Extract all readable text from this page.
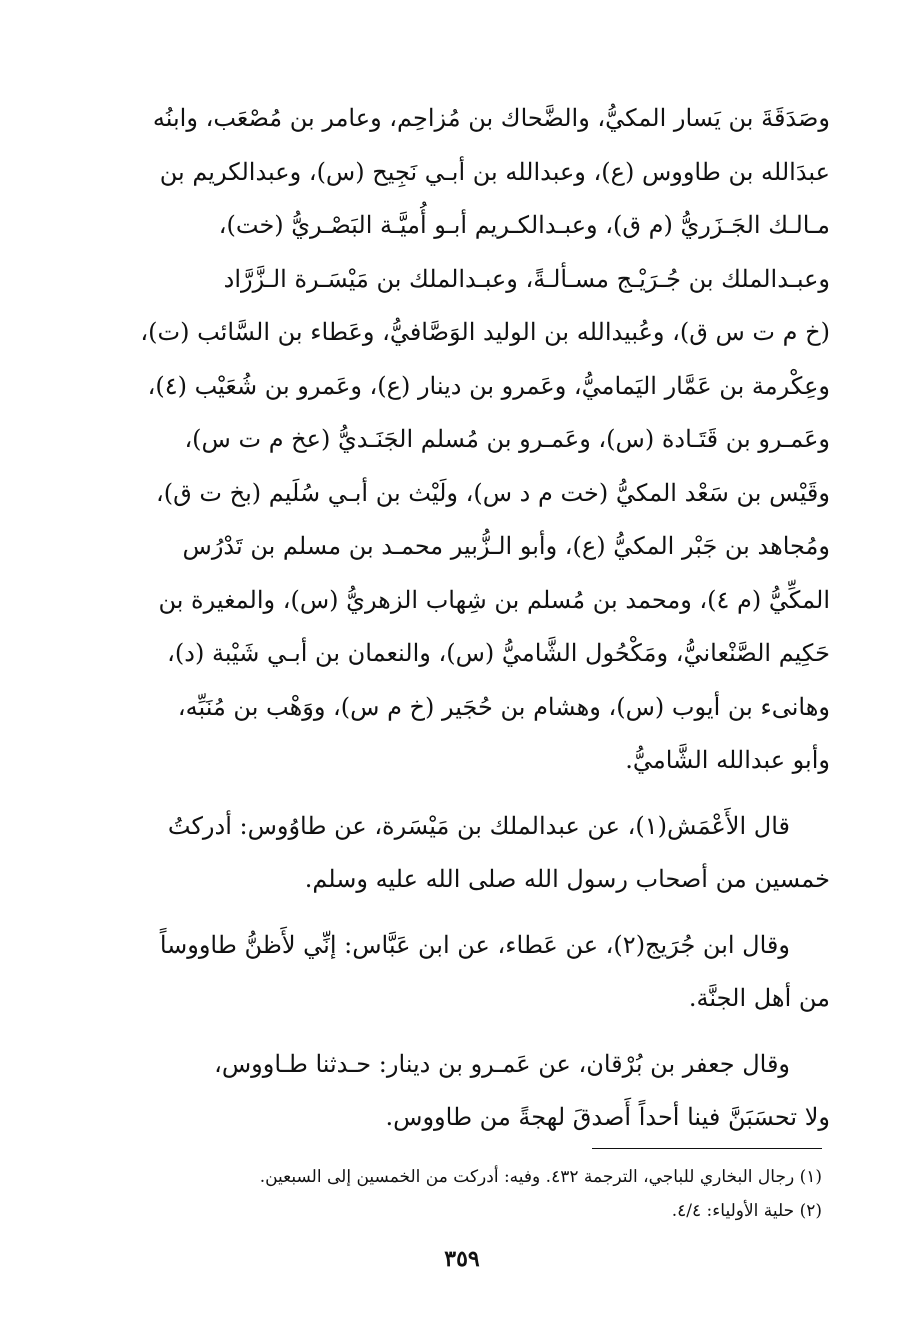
وصَدَقَةَ بن يَسار المكيُّ، والضَّحاك بن مُزاحِم، وعامر بن مُصْعَب، وابنُه
عبدَالله بن طاووس (ع)، وعبدالله بن أبـي نَجِيح (س)، وعبدالكريم بن
مـالـك الجَـزَريُّ (م ق)، وعبـدالكـريم أبـو أُميَّـة البَصْـريُّ (خت)،
وعبـدالملك بن جُـرَيْـج مسـألـةً، وعبـدالملك بن مَيْسَـرة الـزَّرَّاد
(خ م ت س ق)، وعُبيدالله بن الوليد الوَصَّافيُّ، وعَطاء بن السَّائب (ت)،
وعِكْرمة بن عَمَّار اليَماميُّ، وعَمرو بن دينار (ع)، وعَمرو بن شُعَيْب (٤)،
وعَمـرو بن قَتَـادة (س)، وعَمـرو بن مُسلم الجَنَـديُّ (عخ م ت س)،
وقَيْس بن سَعْد المكيُّ (خت م د س)، ولَيْث بن أبـي سُلَيم (بخ ت ق)،
ومُجاهد بن جَبْر المكيُّ (ع)، وأبو الـزُّبير محمـد بن مسلم بن تَدْرُس
المكِّيُّ (م ٤)، ومحمد بن مُسلم بن شِهاب الزهريُّ (س)، والمغيرة بن
حَكِيم الصَّنْعانيُّ، ومَكْحُول الشَّاميُّ (س)، والنعمان بن أبـي شَيْبة (د)،
وهانىء بن أيوب (س)، وهشام بن حُجَير (خ م س)، ووَهْب بن مُنَبِّه،
وأبو عبدالله الشَّاميُّ.
قال الأَعْمَش(١)، عن عبدالملك بن مَيْسَرة، عن طاوُوس: أدركتُ
خمسين من أصحاب رسول الله صلى الله عليه وسلم.
وقال ابن جُرَيج(٢)، عن عَطاء، عن ابن عَبَّاس: إنِّي لأَظنُّ طاووساً
من أهل الجنَّة.
وقال جعفر بن بُرْقان، عن عَمـرو بن دينار: حـدثنا طـاووس،
ولا تحسَبَنَّ فينا أحداً أَصدقَ لهجةً من طاووس.
(١) رجال البخاري للباجي، الترجمة ٤٣٢. وفيه: أدركت من الخمسين إلى السبعين.
(٢) حلية الأولياء: ٤/٤.
٣٥٩
